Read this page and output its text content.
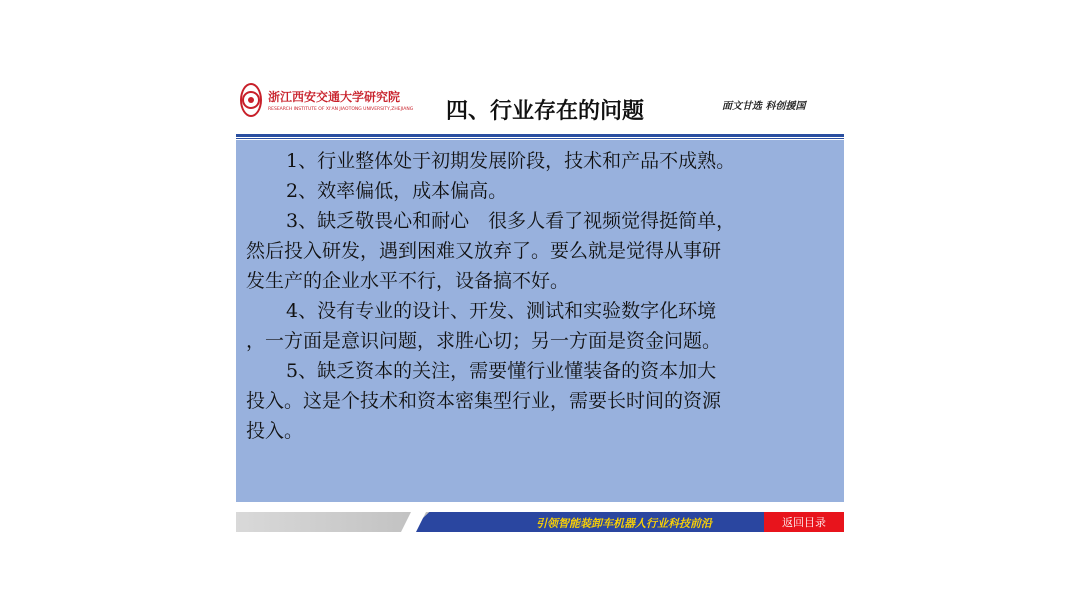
浙江西安交通大学研究院
RESEARCH INSTITUTE OF XI'AN JIAOTONG UNIVERSITY,ZHEJIANG 四、行业存在的问题	面文甘选 科创援国

1、行业整体处于初期发展阶段，技术和产品不成熟。

2、效率偏低，成本偏高。

3、缺乏敬畏心和耐心　很多人看了视频觉得挺简单，

然后投入研发，遇到困难又放弃了。要么就是觉得从事研

发生产的企业水平不行，设备搞不好。

4、没有专业的设计、开发、测试和实验数字化环境

，一方面是意识问题，求胜心切；另一方面是资金问题。

5、缺乏资本的关注，需要懂行业懂装备的资本加大

投入。这是个技术和资本密集型行业，需要长时间的资源

投入。

引领智能装卸车机器人行业科技前沿	返回目录
